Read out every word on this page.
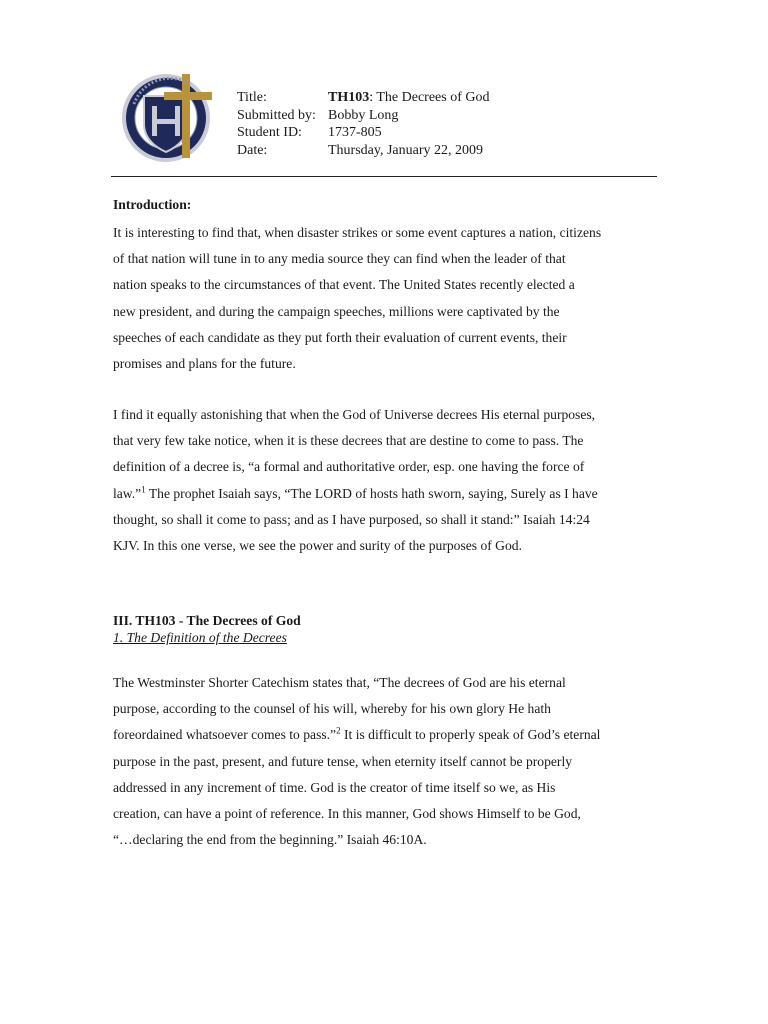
Title:	TH103: The Decrees of God
Submitted by: Bobby Long
Student ID:	1737-805
Date:	Thursday, January 22, 2009
Introduction:
It is interesting to find that, when disaster strikes or some event captures a nation, citizens
of that nation will tune in to any media source they can find when the leader of that
nation speaks to the circumstances of that event. The United States recently elected a
new president, and during the campaign speeches, millions were captivated by the
speeches of each candidate as they put forth their evaluation of current events, their
promises and plans for the future.
I find it equally astonishing that when the God of Universe decrees His eternal purposes,
that very few take notice, when it is these decrees that are destine to come to pass. The
definition of a decree is, “a formal and authoritative order, esp. one having the force of
law.”$^1$ The prophet Isaiah says, “The LORD of hosts hath sworn, saying, Surely as I have
thought, so shall it come to pass; and as I have purposed, so shall it stand:” Isaiah 14:24
KJV. In this one verse, we see the power and surity of the purposes of God.
III. TH103 - The Decrees of God
1. The Definition of the Decrees
The Westminster Shorter Catechism states that, “The decrees of God are his eternal
purpose, according to the counsel of his will, whereby for his own glory He hath
foreordained whatsoever comes to pass.”$^2$ It is difficult to properly speak of God’s eternal
purpose in the past, present, and future tense, when eternity itself cannot be properly
addressed in any increment of time. God is the creator of time itself so we, as His
creation, can have a point of reference. In this manner, God shows Himself to be God,
“…declaring the end from the beginning.” Isaiah 46:10A.
